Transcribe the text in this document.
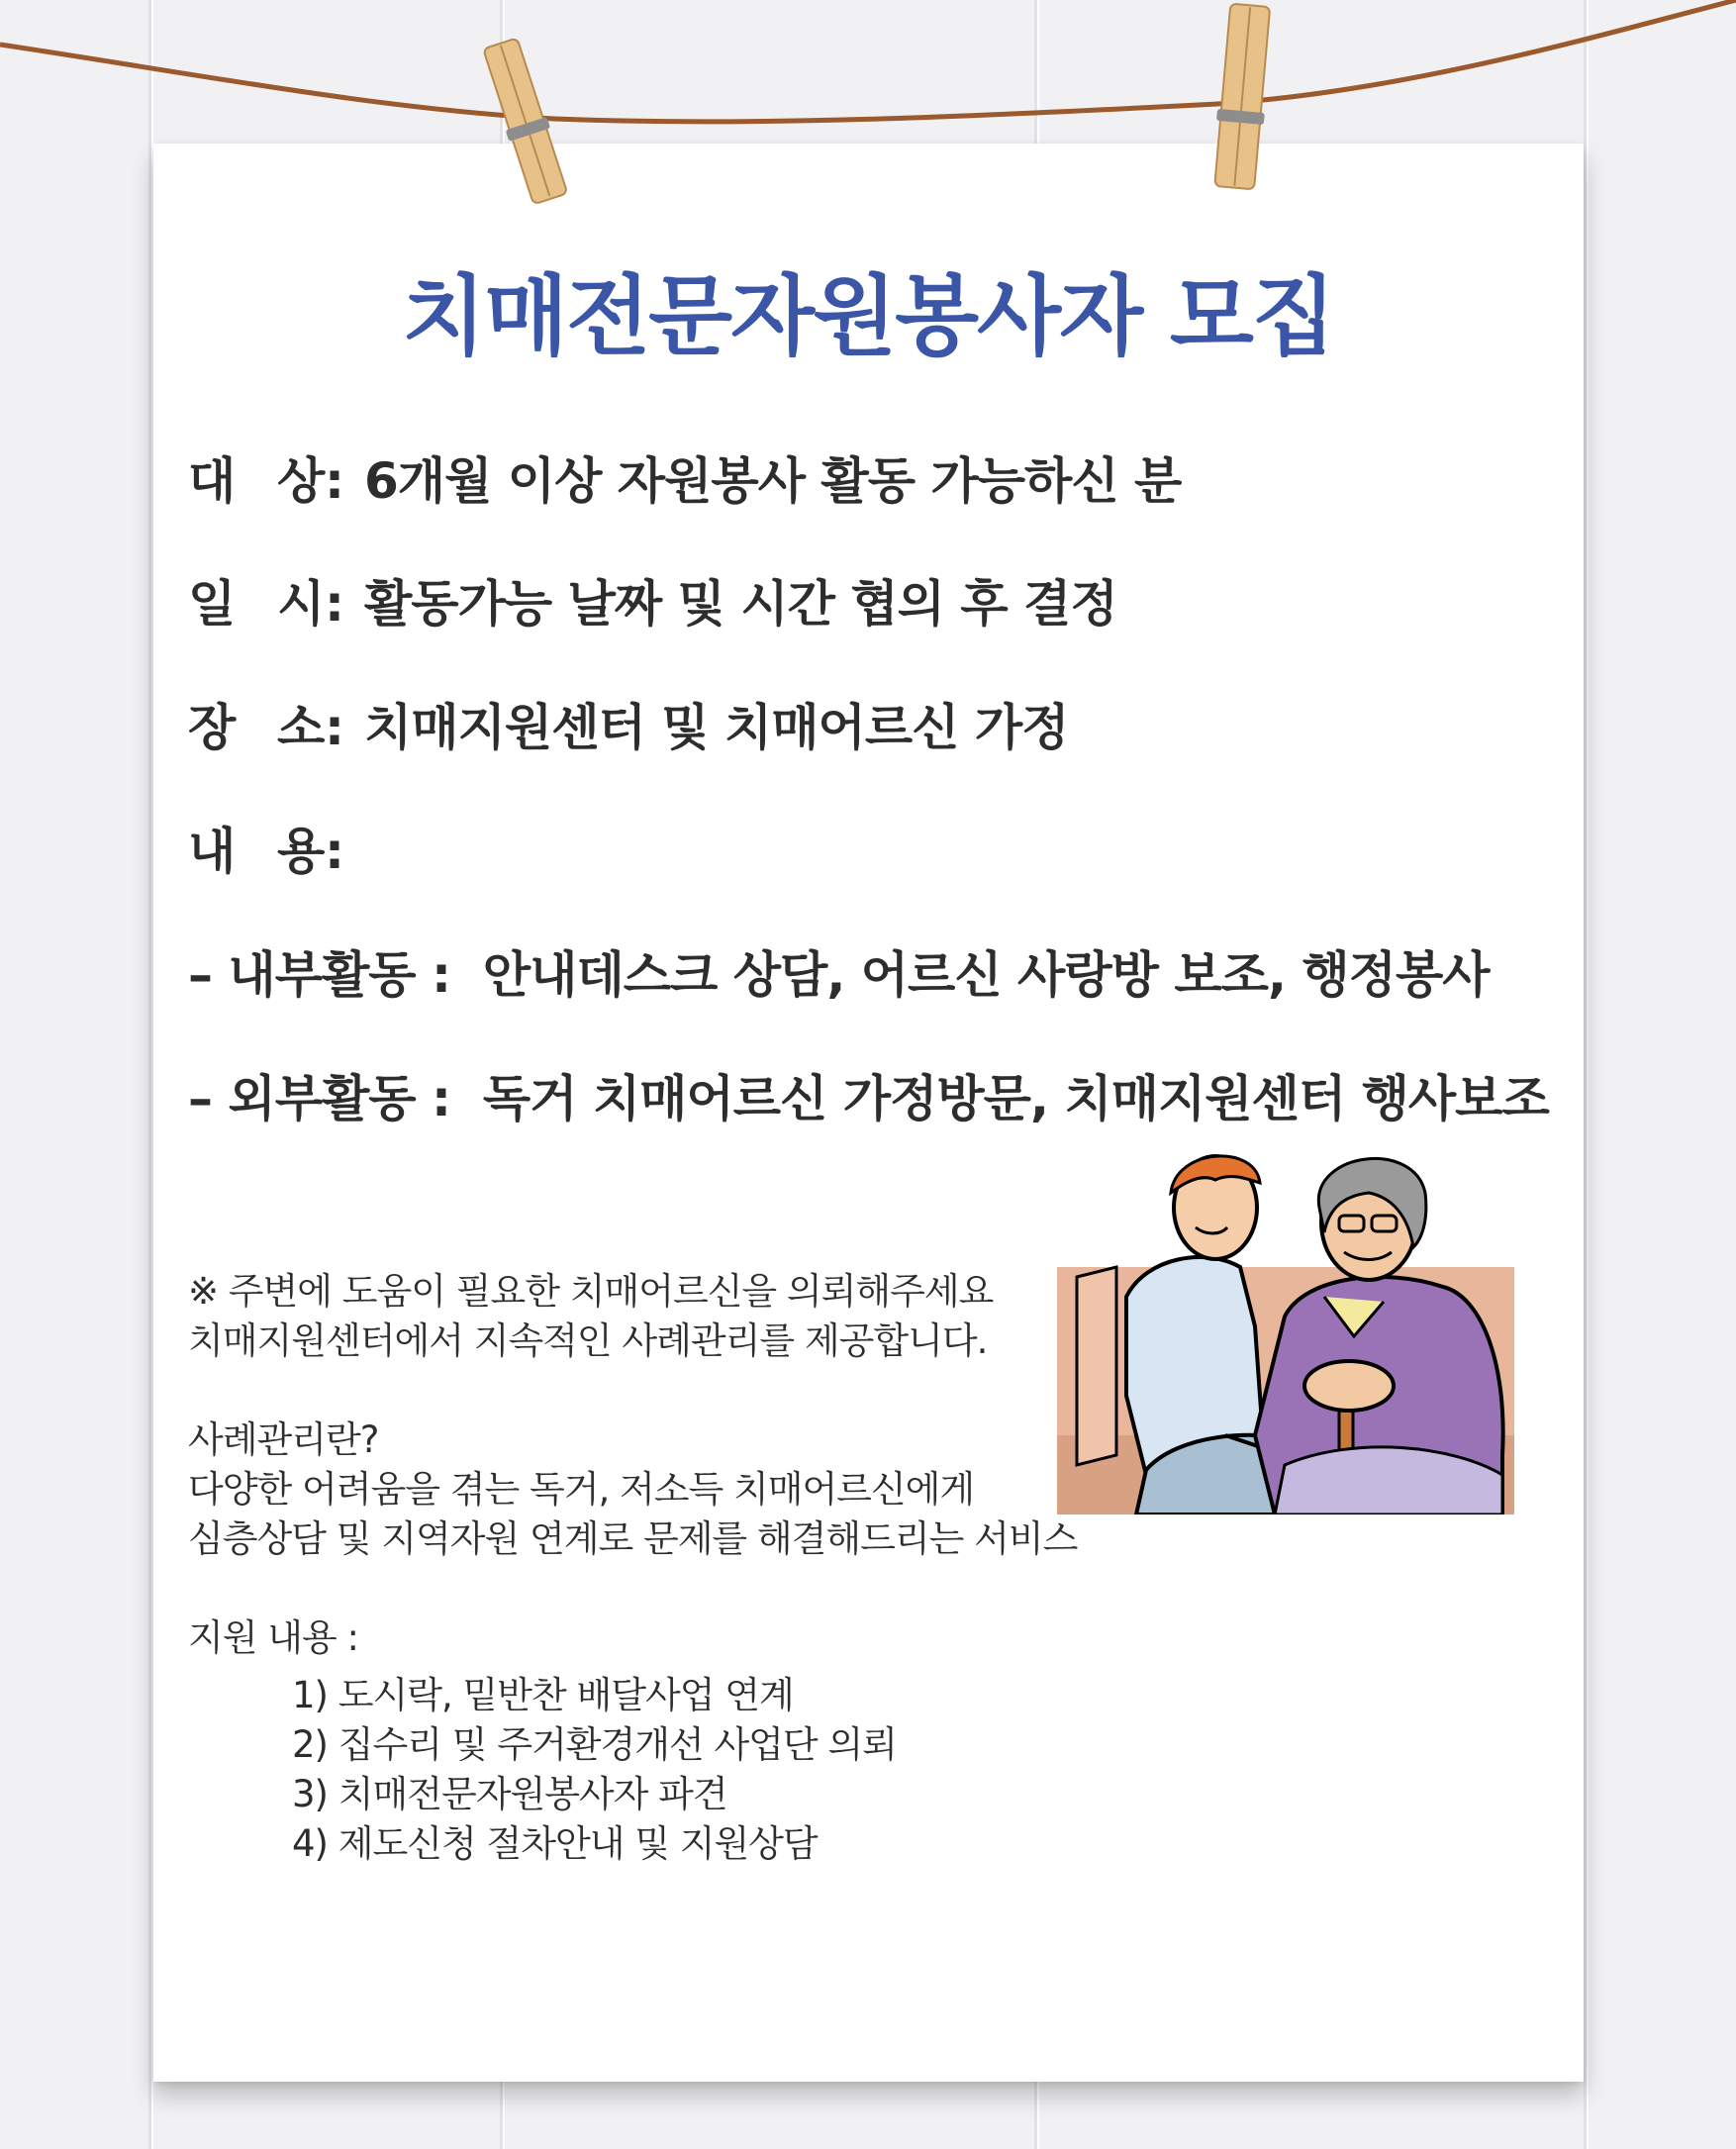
치매전문자원봉사자 모집

대 상: 6개월 이상 자원봉사 활동 가능하신 분

일 시: 활동가능 날짜 및 시간 협의 후 결정

장 소: 치매지원센터 및 치매어르신 가정

내 용:

– 내부활동 : 안내데스크 상담, 어르신 사랑방 보조, 행정봉사

– 외부활동 : 독거 치매어르신 가정방문, 치매지원센터 행사보조

※ 주변에 도움이 필요한 치매어르신을 의뢰해주세요

치매지원센터에서 지속적인 사례관리를 제공합니다.

사례관리란?

다양한 어려움을 겪는 독거, 저소득 치매어르신에게

심층상담 및 지역자원 연계로 문제를 해결해드리는 서비스

지원 내용 :

1) 도시락, 밑반찬 배달사업 연계

2) 집수리 및 주거환경개선 사업단 의뢰

3) 치매전문자원봉사자 파견

4) 제도신청 절차안내 및 지원상담
